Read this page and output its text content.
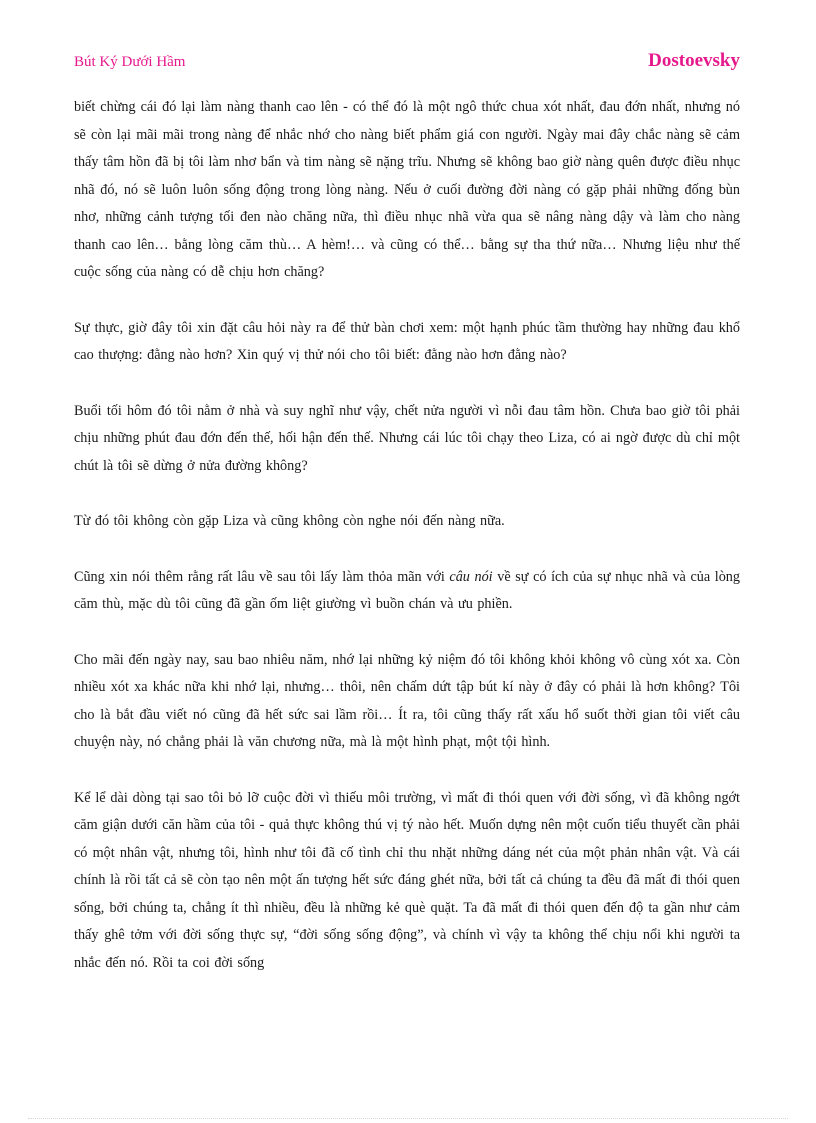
Bút Ký Dưới Hầm	Dostoevsky

biết chừng cái đó lại làm nàng thanh cao lên - có thể đó là một ngô thức chua xót nhất, đau đớn nhất, nhưng nó sẽ còn lại mãi mãi trong nàng để nhắc nhớ cho nàng biết phẩm giá con người. Ngày mai đây chắc nàng sẽ cảm thấy tâm hồn đã bị tôi làm nhơ bẩn và tim nàng sẽ nặng trĩu. Nhưng sẽ không bao giờ nàng quên được điều nhục nhã đó, nó sẽ luôn luôn sống động trong lòng nàng. Nếu ở cuối đường đời nàng có gặp phải những đống bùn nhơ, những cảnh tượng tối đen nào chăng nữa, thì điều nhục nhã vừa qua sẽ nâng nàng dậy và làm cho nàng thanh cao lên… bằng lòng căm thù… A hèm!… và cũng có thể… bằng sự tha thứ nữa… Nhưng liệu như thế cuộc sống của nàng có dễ chịu hơn chăng?

Sự thực, giờ đây tôi xin đặt câu hỏi này ra để thử bàn chơi xem: một hạnh phúc tầm thường hay những đau khổ cao thượng: đằng nào hơn? Xin quý vị thử nói cho tôi biết: đằng nào hơn đằng nào?

Buổi tối hôm đó tôi nằm ở nhà và suy nghĩ như vậy, chết nửa người vì nỗi đau tâm hồn. Chưa bao giờ tôi phải chịu những phút đau đớn đến thế, hối hận đến thế. Nhưng cái lúc tôi chạy theo Liza, có ai ngờ được dù chỉ một chút là tôi sẽ dừng ở nửa đường không?

Từ đó tôi không còn gặp Liza và cũng không còn nghe nói đến nàng nữa.

Cũng xin nói thêm rằng rất lâu về sau tôi lấy làm thỏa mãn với câu nói về sự có ích của sự nhục nhã và của lòng căm thù, mặc dù tôi cũng đã gần ốm liệt giường vì buồn chán và ưu phiền.

Cho mãi đến ngày nay, sau bao nhiêu năm, nhớ lại những kỷ niệm đó tôi không khỏi không vô cùng xót xa. Còn nhiều xót xa khác nữa khi nhớ lại, nhưng… thôi, nên chấm dứt tập bút kí này ở đây có phải là hơn không? Tôi cho là bắt đầu viết nó cũng đã hết sức sai lầm rồi… Ít ra, tôi cũng thấy rất xấu hổ suốt thời gian tôi viết câu chuyện này, nó chẳng phải là văn chương nữa, mà là một hình phạt, một tội hình.

Kể lể dài dòng tại sao tôi bỏ lỡ cuộc đời vì thiếu môi trường, vì mất đi thói quen với đời sống, vì đã không ngớt căm giận dưới căn hầm của tôi - quả thực không thú vị tý nào hết. Muốn dựng nên một cuốn tiểu thuyết cần phải có một nhân vật, nhưng tôi, hình như tôi đã cố tình chỉ thu nhặt những dáng nét của một phản nhân vật. Và cái chính là rồi tất cả sẽ còn tạo nên một ấn tượng hết sức đáng ghét nữa, bởi tất cả chúng ta đều đã mất đi thói quen sống, bởi chúng ta, chẳng ít thì nhiều, đều là những kẻ què quặt. Ta đã mất đi thói quen đến độ ta gần như cảm thấy ghê tởm với đời sống thực sự, “đời sống sống động”, và chính vì vậy ta không thể chịu nổi khi người ta nhắc đến nó. Rồi ta coi đời sống
